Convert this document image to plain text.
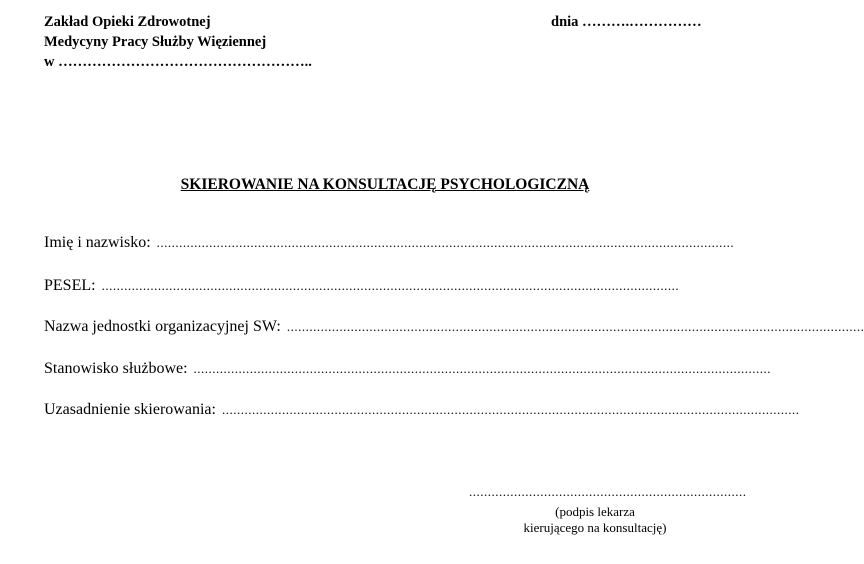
Zakład Opieki Zdrowotnej
Medycyny Pracy Służby Więziennej
w ……………………………………………..
dnia ……….……………
SKIEROWANIE NA KONSULTACJĘ PSYCHOLOGICZNĄ
Imię i nazwisko: ..........................................................................................................................................................
PESEL: ..........................................................................................................................................................
Nazwa jednostki organizacyjnej SW: ..........................................................................................................................................................
Stanowisko służbowe: ..........................................................................................................................................................
Uzasadnienie skierowania: ..........................................................................................................................................................
..........................................................................
(podpis lekarza
kierującego na konsultację)
